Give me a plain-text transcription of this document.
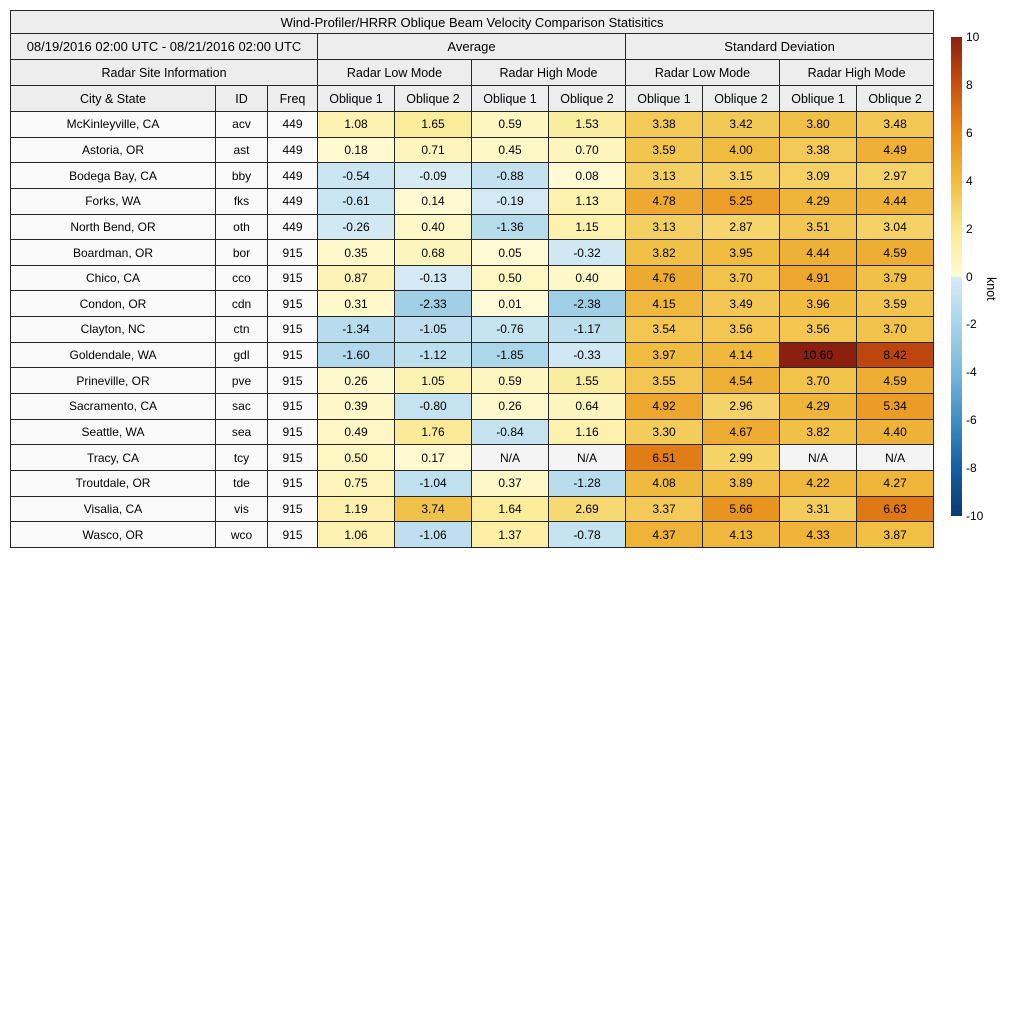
Wind-Profiler/HRRR Oblique Beam Velocity Comparison Statisitics										
08/19/2016 02:00 UTC - 08/21/2016 02:00 UTC			Average				Standard Deviation			
Radar Site Information			Radar Low Mode		Radar High Mode		Radar Low Mode		Radar High Mode	
City & State	ID	Freq	Oblique 1	Oblique 2	Oblique 1	Oblique 2	Oblique 1	Oblique 2	Oblique 1	Oblique 2
McKinleyville, CA	acv	449	1.08	1.65	0.59	1.53	3.38	3.42	3.80	3.48
Astoria, OR	ast	449	0.18	0.71	0.45	0.70	3.59	4.00	3.38	4.49
Bodega Bay, CA	bby	449	-0.54	-0.09	-0.88	0.08	3.13	3.15	3.09	2.97
Forks, WA	fks	449	-0.61	0.14	-0.19	1.13	4.78	5.25	4.29	4.44
North Bend, OR	oth	449	-0.26	0.40	-1.36	1.15	3.13	2.87	3.51	3.04
Boardman, OR	bor	915	0.35	0.68	0.05	-0.32	3.82	3.95	4.44	4.59
Chico, CA	cco	915	0.87	-0.13	0.50	0.40	4.76	3.70	4.91	3.79
Condon, OR	cdn	915	0.31	-2.33	0.01	-2.38	4.15	3.49	3.96	3.59
Clayton, NC	ctn	915	-1.34	-1.05	-0.76	-1.17	3.54	3.56	3.56	3.70
Goldendale, WA	gdl	915	-1.60	-1.12	-1.85	-0.33	3.97	4.14	10.60	8.42
Prineville, OR	pve	915	0.26	1.05	0.59	1.55	3.55	4.54	3.70	4.59
Sacramento, CA	sac	915	0.39	-0.80	0.26	0.64	4.92	2.96	4.29	5.34
Seattle, WA	sea	915	0.49	1.76	-0.84	1.16	3.30	4.67	3.82	4.40
Tracy, CA	tcy	915	0.50	0.17	N/A	N/A	6.51	2.99	N/A	N/A
Troutdale, OR	tde	915	0.75	-1.04	0.37	-1.28	4.08	3.89	4.22	4.27
Visalia, CA	vis	915	1.19	3.74	1.64	2.69	3.37	5.66	3.31	6.63
Wasco, OR	wco	915	1.06	-1.06	1.37	-0.78	4.37	4.13	4.33	3.87
10
8
6
4
2
0
-2
-4
-6
-8
-10
knot
